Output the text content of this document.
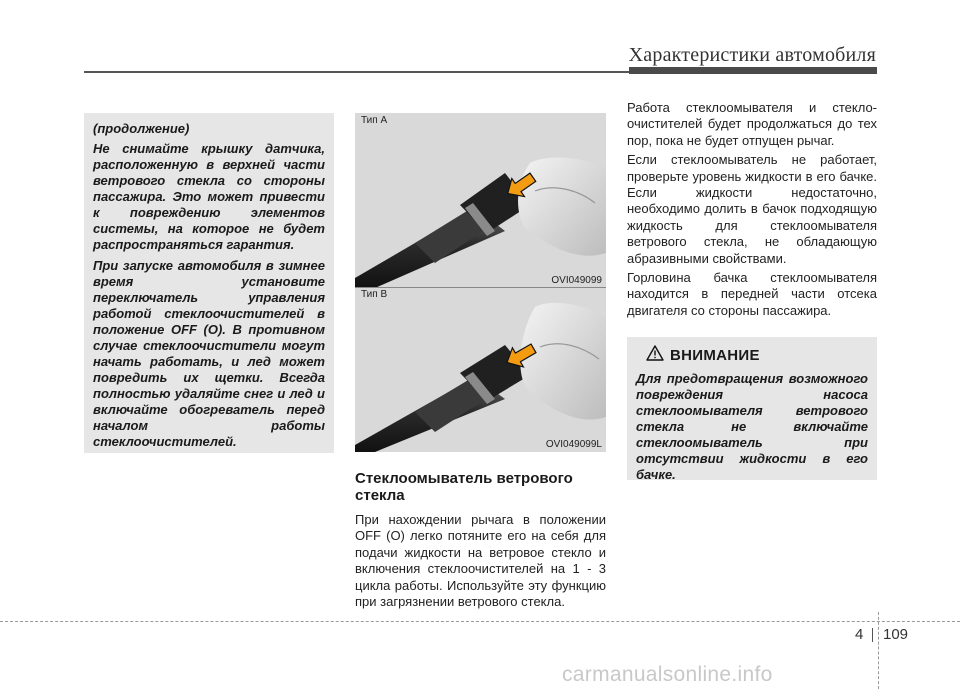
Характеристики автомобиля

(продолжение)

Не снимайте крышку датчика, расположенную в верхней части ветрового стекла со стороны пассажира. Это может привести к повреждению элементов системы, на которое не будет распространяться гарантия.

При запуске автомобиля в зимнее время установите переключатель управления работой стеклоочистителей в положение OFF (O). В противном случае стеклоочистители могут начать работать, и лед может повредить их щетки. Всегда полностью удаляйте снег и лед и включайте обогреватель перед началом работы стеклоочистителей.

Тип A
OVI049099
Тип B
OVI049099L
Стеклоомыватель ветрового стекла
При нахождении рычага в положении OFF (O) легко потяните его на себя для подачи жидкости на ветровое стекло и включения стеклоочистителей на 1 - 3 цикла работы. Используйте эту функцию при загрязнении ветрового стекла.

Работа стеклоомывателя и стекло-очистителей будет продолжаться до тех пор, пока не будет отпущен рычаг.

Если стеклоомыватель не работает, проверьте уровень жидкости в его бачке. Если жидкости недостаточно, необходимо долить в бачок подходящую жидкость для стеклоомывателя ветрового стекла, не обладающую абразивными свойствами.

Горловина бачка стеклоомывателя находится в передней части отсека двигателя со стороны пассажира.

ВНИМАНИЕ

Для предотвращения возможного повреждения насоса стеклоомывателя ветрового стекла не включайте стеклоомыватель при отсутствии жидкости в его бачке.

4 109
carmanualsonline.info
